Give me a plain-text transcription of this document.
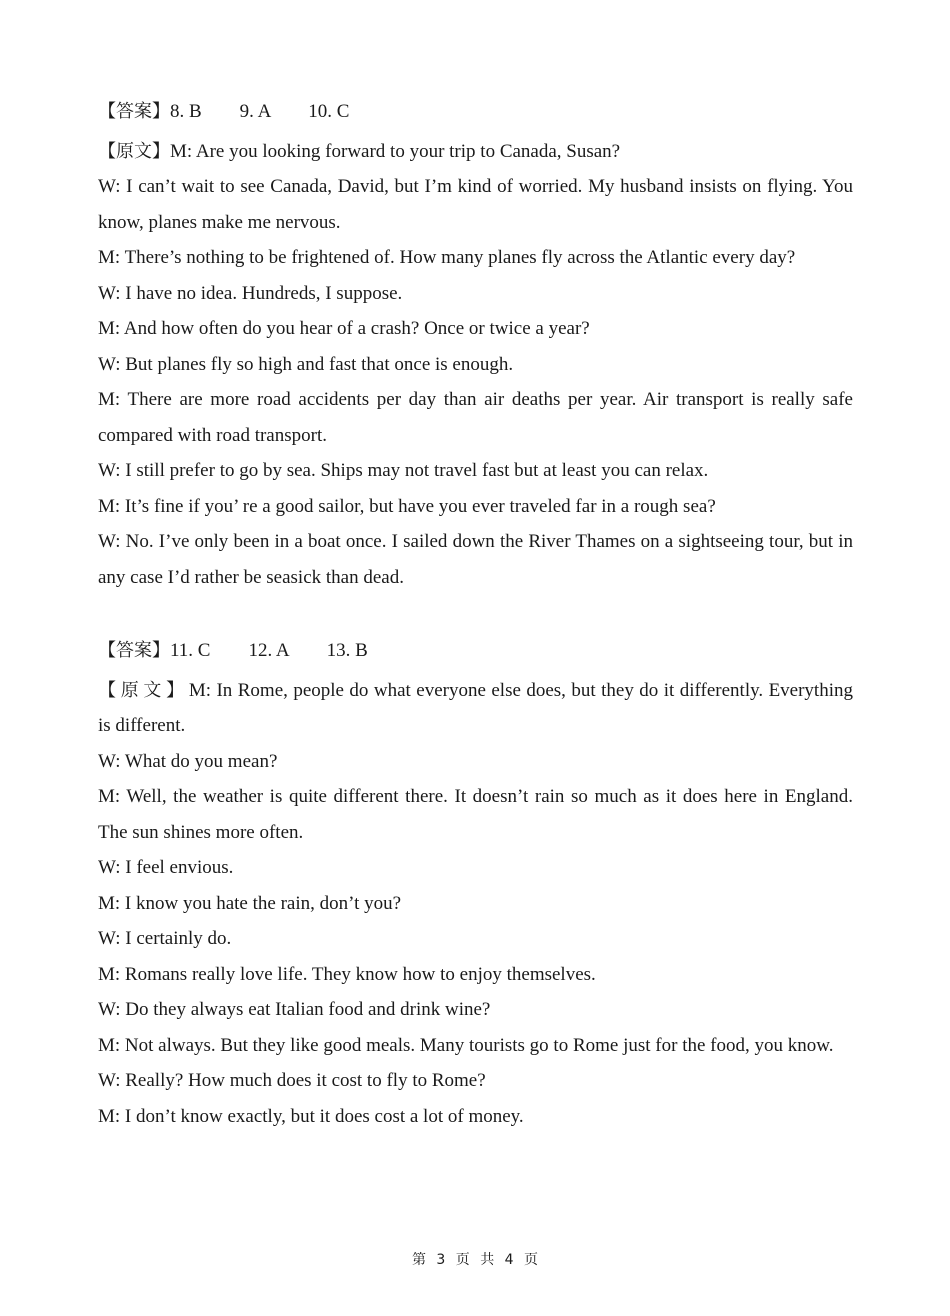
【答案】8. B        9. A        10. C

【原文】M: Are you looking forward to your trip to Canada, Susan?

W: I can’t wait to see Canada, David, but I’m kind of worried. My husband insists on flying. You know, planes make me nervous.

M: There’s nothing to be frightened of. How many planes fly across the Atlantic every day?

W: I have no idea. Hundreds, I suppose.

M: And how often do you hear of a crash? Once or twice a year?

W: But planes fly so high and fast that once is enough.

M: There are more road accidents per day than air deaths per year. Air transport is really safe compared with road transport.

W: I still prefer to go by sea. Ships may not travel fast but at least you can relax.

M: It’s fine if you’ re a good sailor, but have you ever traveled far in a rough sea?

W: No. I’ve only been in a boat once. I sailed down the River Thames on a sightseeing tour, but in any case I’d rather be seasick than dead.

【答案】11. C        12. A        13. B

【原文】M: In Rome, people do what everyone else does, but they do it differently. Everything is different.

W: What do you mean?

M: Well, the weather is quite different there. It doesn’t rain so much as it does here in England. The sun shines more often.

W: I feel envious.

M: I know you hate the rain, don’t you?

W: I certainly do.

M: Romans really love life. They know how to enjoy themselves.

W: Do they always eat Italian food and drink wine?

M: Not always. But they like good meals. Many tourists go to Rome just for the food, you know.

W: Really? How much does it cost to fly to Rome?

M: I don’t know exactly, but it does cost a lot of money.

第 3 页 共 4 页
